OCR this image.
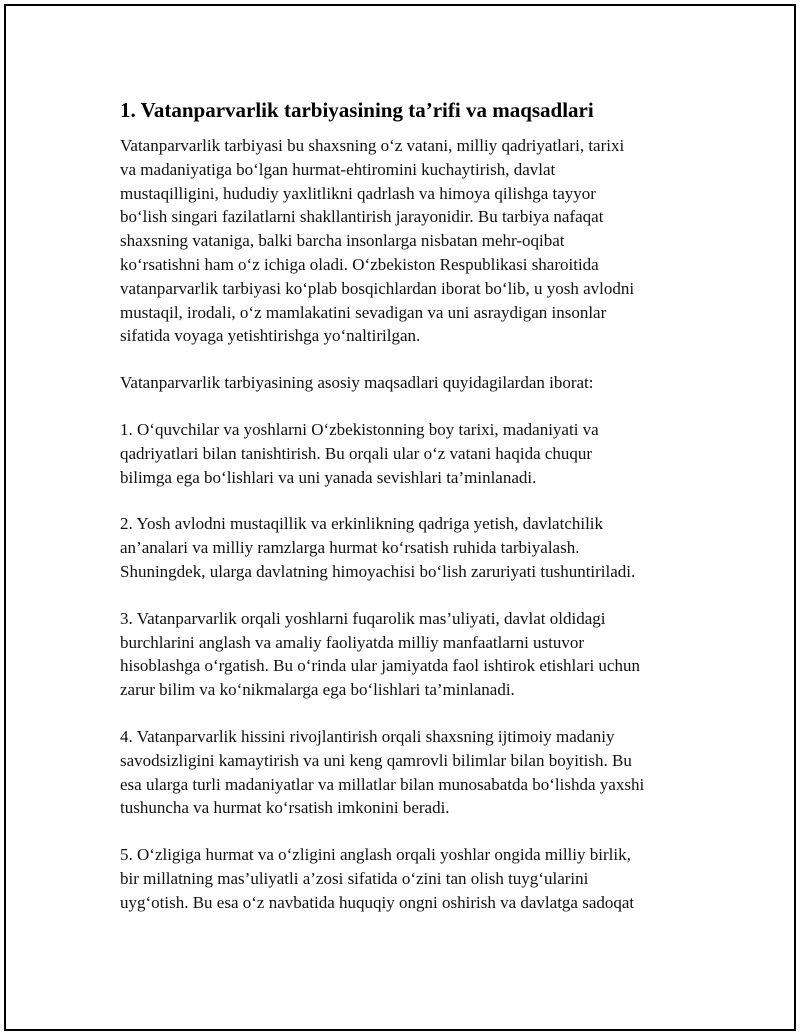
1. Vatanparvarlik tarbiyasining ta’rifi va maqsadlari

Vatanparvarlik tarbiyasi bu shaxsning o‘z vatani, milliy qadriyatlari, tarixi
va madaniyatiga bo‘lgan hurmat-ehtiromini kuchaytirish, davlat
mustaqilligini, hududiy yaxlitlikni qadrlash va himoya qilishga tayyor
bo‘lish singari fazilatlarni shakllantirish jarayonidir. Bu tarbiya nafaqat
shaxsning vataniga, balki barcha insonlarga nisbatan mehr-oqibat
ko‘rsatishni ham o‘z ichiga oladi. O‘zbekiston Respublikasi sharoitida
vatanparvarlik tarbiyasi ko‘plab bosqichlardan iborat bo‘lib, u yosh avlodni
mustaqil, irodali, o‘z mamlakatini sevadigan va uni asraydigan insonlar
sifatida voyaga yetishtirishga yo‘naltirilgan.

Vatanparvarlik tarbiyasining asosiy maqsadlari quyidagilardan iborat:

1. O‘quvchilar va yoshlarni O‘zbekistonning boy tarixi, madaniyati va
qadriyatlari bilan tanishtirish. Bu orqali ular o‘z vatani haqida chuqur
bilimga ega bo‘lishlari va uni yanada sevishlari ta’minlanadi.

2. Yosh avlodni mustaqillik va erkinlikning qadriga yetish, davlatchilik
an’analari va milliy ramzlarga hurmat ko‘rsatish ruhida tarbiyalash.
Shuningdek, ularga davlatning himoyachisi bo‘lish zaruriyati tushuntiriladi.

3. Vatanparvarlik orqali yoshlarni fuqarolik mas’uliyati, davlat oldidagi
burchlarini anglash va amaliy faoliyatda milliy manfaatlarni ustuvor
hisoblashga o‘rgatish. Bu o‘rinda ular jamiyatda faol ishtirok etishlari uchun
zarur bilim va ko‘nikmalarga ega bo‘lishlari ta’minlanadi.

4. Vatanparvarlik hissini rivojlantirish orqali shaxsning ijtimoiy madaniy
savodsizligini kamaytirish va uni keng qamrovli bilimlar bilan boyitish. Bu
esa ularga turli madaniyatlar va millatlar bilan munosabatda bo‘lishda yaxshi
tushuncha va hurmat ko‘rsatish imkonini beradi.

5. O‘zligiga hurmat va o‘zligini anglash orqali yoshlar ongida milliy birlik,
bir millatning mas’uliyatli a’zosi sifatida o‘zini tan olish tuyg‘ularini
uyg‘otish. Bu esa o‘z navbatida huquqiy ongni oshirish va davlatga sadoqat
